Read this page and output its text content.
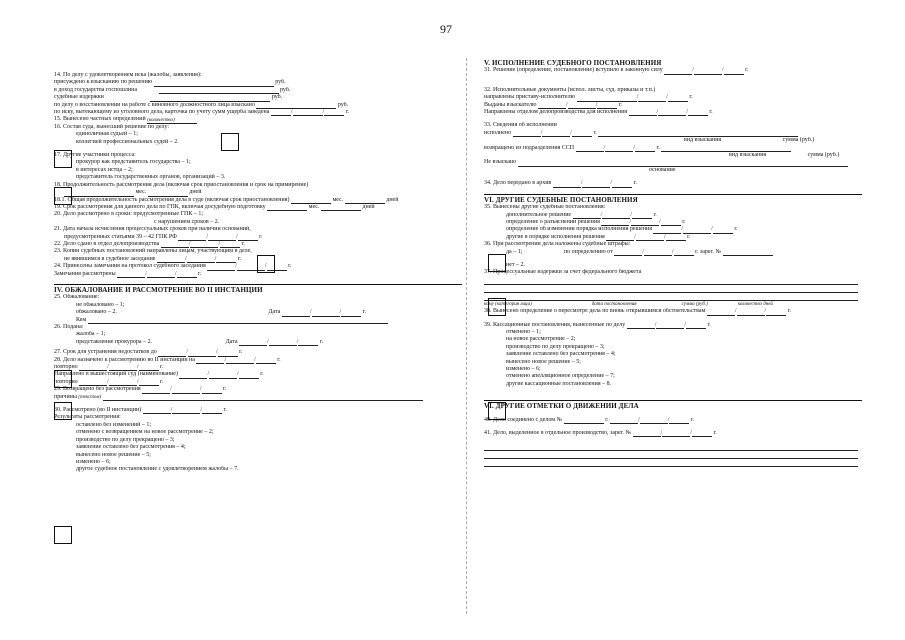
97
14. По делу с удовлетворением иска (жалобы, заявления):
присуждено к взысканию по решению	руб.
в доход государства госпошлина	руб.
судебные издержки	руб.
по делу о восстановлении на работе с виновного должностного лица взыскано	руб.
по иску, вытекающему из уголовного дела, карточка по учету сумм ущерба заведена	/	/	г.
15. Вынесено частных определений (количество)
16. Состав суда, вынесший решение по делу:
единоличная судьей – 1;
коллегией профессиональных судей – 2.
17. Другие участники процесса:
прокурор как представитель государства – 1;
в интересах истца – 2;
представитель государственных органов, организаций – 3.
18. Продолжительность рассмотрения дела (включая срок приостановления и срок на примирение)
мес.	дней
18.1. Общая продолжительность рассмотрения дела в суде (включая срок приостановления)	мес.	дней
19. Срок рассмотрения для данного дела по ГПК, включая досудебную подготовку	мес.	дней
20. Дело рассмотрено в сроки: предусмотренные ГПК – 1;
с нарушением сроков – 2.
21. Дата начала исчисления процессуальных сроков при наличии оснований,
предусмотренных статьями 39 – 42 ГПК РФ	/	/	г.
22. Дело сдано в отдел делопроизводства	/	/	г.
23. Копии судебных постановлений направлены лицам, участвующим в деле,
не явившимся в судебное заседание	/	/	г.
24. Принесены замечания на протокол судебного заседания	/	/	г.
Замечания рассмотрены	/	/	г.
IV. ОБЖАЛОВАНИЕ И РАССМОТРЕНИЕ ВО II ИНСТАНЦИИ
25. Обжалование:
не обжаловано – 1;
обжаловано – 2.	Дата	/	/	г.
Кем
26. Подана:
жалоба – 1;
представление прокурора – 2.	Дата	/	/	г.
27. Срок для устранения недостатков до	/	/	г.
28. Дело назначено к рассмотрению во II инстанции на	/	/	г.
повторно	/	/	г.
Направлено в вышестоящий суд (наименование)	/	/	г.
повторно	/	/	г.
29. Возвращено без рассмотрения	/	/	г.
причины (текстом)
30. Рассмотрено (во II инстанции)	/	/	г.
Результаты рассмотрения:
оставлено без изменений – 1;
отменено с возвращением на новое рассмотрение – 2;
производство по делу прекращено – 3;
заявление оставлено без рассмотрения – 4;
вынесено новое решение – 5;
изменено – 6;
другое судебное постановление с удовлетворением жалобы – 7.
V. ИСПОЛНЕНИЕ СУДЕБНОГО ПОСТАНОВЛЕНИЯ
31. Решение (определение, постановление) вступило в законную силу	/	/	г.
32. Исполнительные документы (испол. листы, суд. приказы и т.п.)
направлены приставу-исполнителю	/	/	г.
Выданы взыскателю	/	/	г.
Направлены отделом делопроизводства для исполнения	/	/	г.
33. Сведения об исполнении
исполнено	/	/	г.
вид взыскания	сумма (руб.)
возвращено из подразделения ССП	/	/	г.
вид взыскания	сумма (руб.)
Не взыскано
основание
34. Дело передано в архив	/	/	г.
VI. ДРУГИЕ СУДЕБНЫЕ ПОСТАНОВЛЕНИЯ
35. Вынесены другие судебные постановления:
дополнительное решение	/	/	г.
определение о разъяснении решения	/	/	г.
определение об изменении порядка исполнения решения	/	/	г.
другие в порядке исполнения решения	/	/	г.
36. При рассмотрении дела наложены судебные штрафы:
да – 1;	по определению от	/	/	г. зарег. №
нет – 2.
37. Процессуальные издержки за счет федерального бюджета
кому (категория лица)	дата постановления	сумма (руб.)	количество дней
38. Вынесено определение о пересмотре дела по вновь открывшимся обстоятельствам	/	/	г.
39. Кассационные постановления, вынесенные по делу	/	/	г.
отменено – 1;
на новое рассмотрение – 2;
производство по делу прекращено – 3;
заявление оставлено без рассмотрения – 4;
вынесено новое решение – 5;
изменено – 6;
отменено апелляционное определение – 7;
другие кассационные постановления – 8.
VI. ДРУГИЕ ОТМЕТКИ О ДВИЖЕНИИ ДЕЛА
40. Дело соединено с делом №	г.	/	/	г.
41. Дело, выделенное в отдельное производство, зарег. №	/	/	г.
